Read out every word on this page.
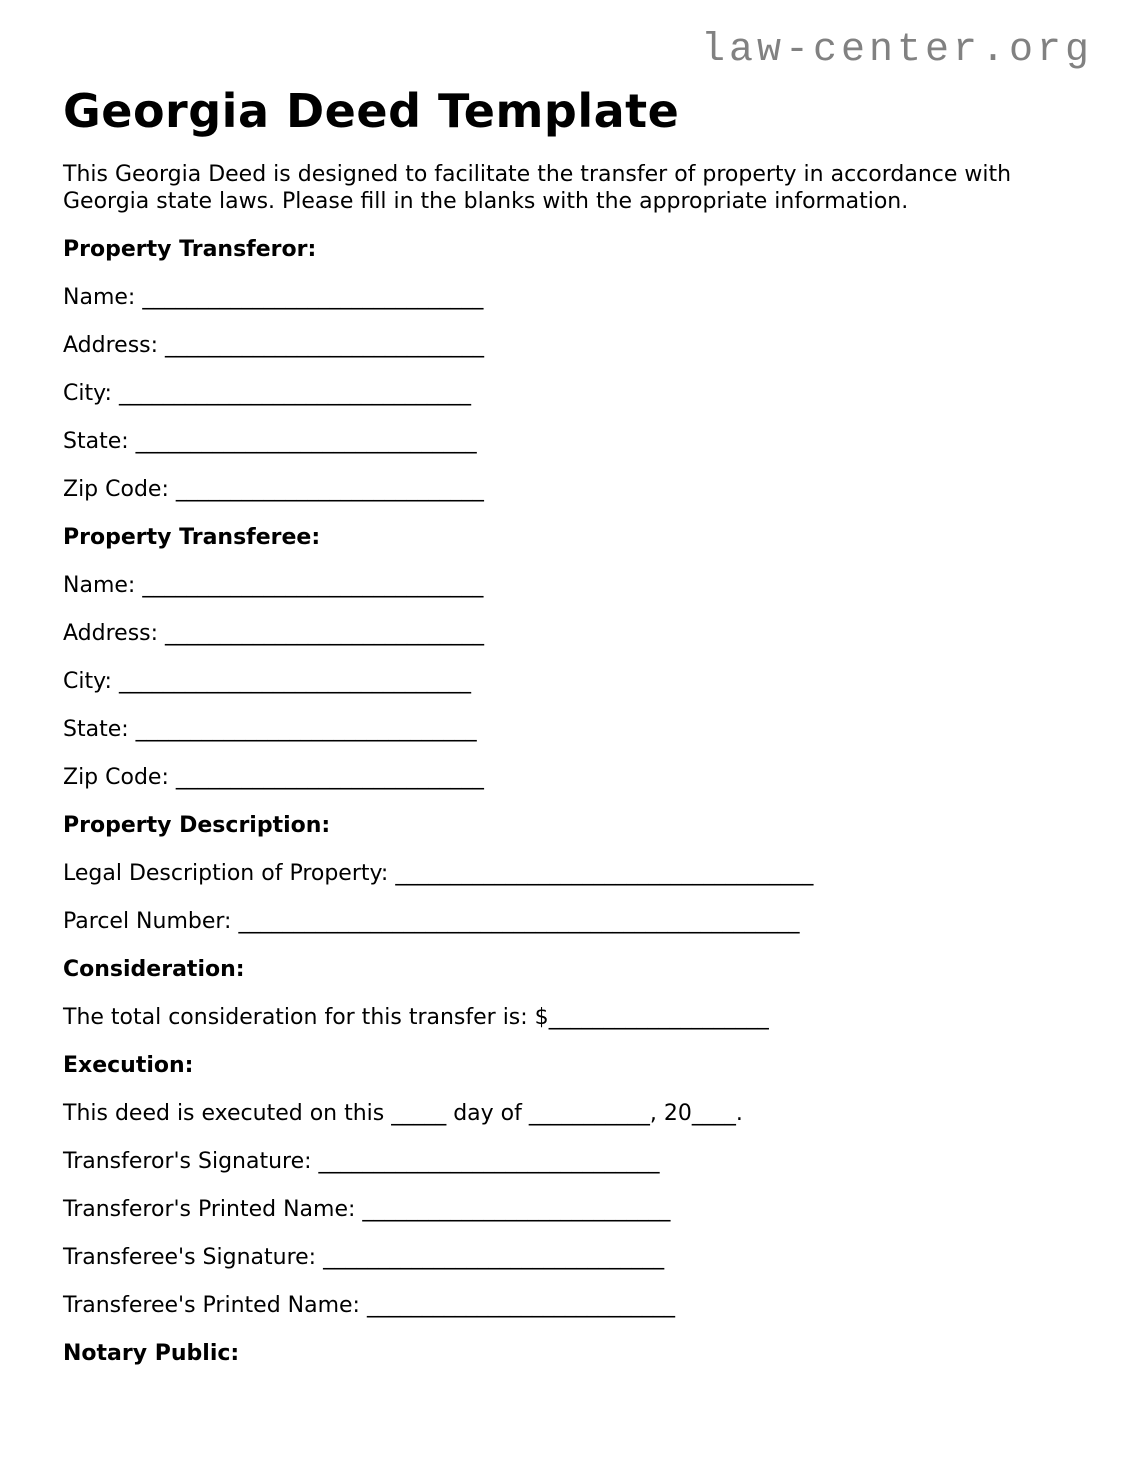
law-center.org
Georgia Deed Template

This Georgia Deed is designed to facilitate the transfer of property in accordance with Georgia state laws. Please fill in the blanks with the appropriate information.

Property Transferor:

Name: _______________________________

Address: _____________________________

City: ________________________________

State: _______________________________

Zip Code: ____________________________

Property Transferee:

Name: _______________________________

Address: _____________________________

City: ________________________________

State: _______________________________

Zip Code: ____________________________

Property Description:

Legal Description of Property: ______________________________________

Parcel Number: ___________________________________________________

Consideration:

The total consideration for this transfer is: $____________________

Execution:

This deed is executed on this _____ day of ___________, 20____.

Transferor's Signature: _______________________________

Transferor's Printed Name: ____________________________

Transferee's Signature: _______________________________

Transferee's Printed Name: ____________________________

Notary Public:
